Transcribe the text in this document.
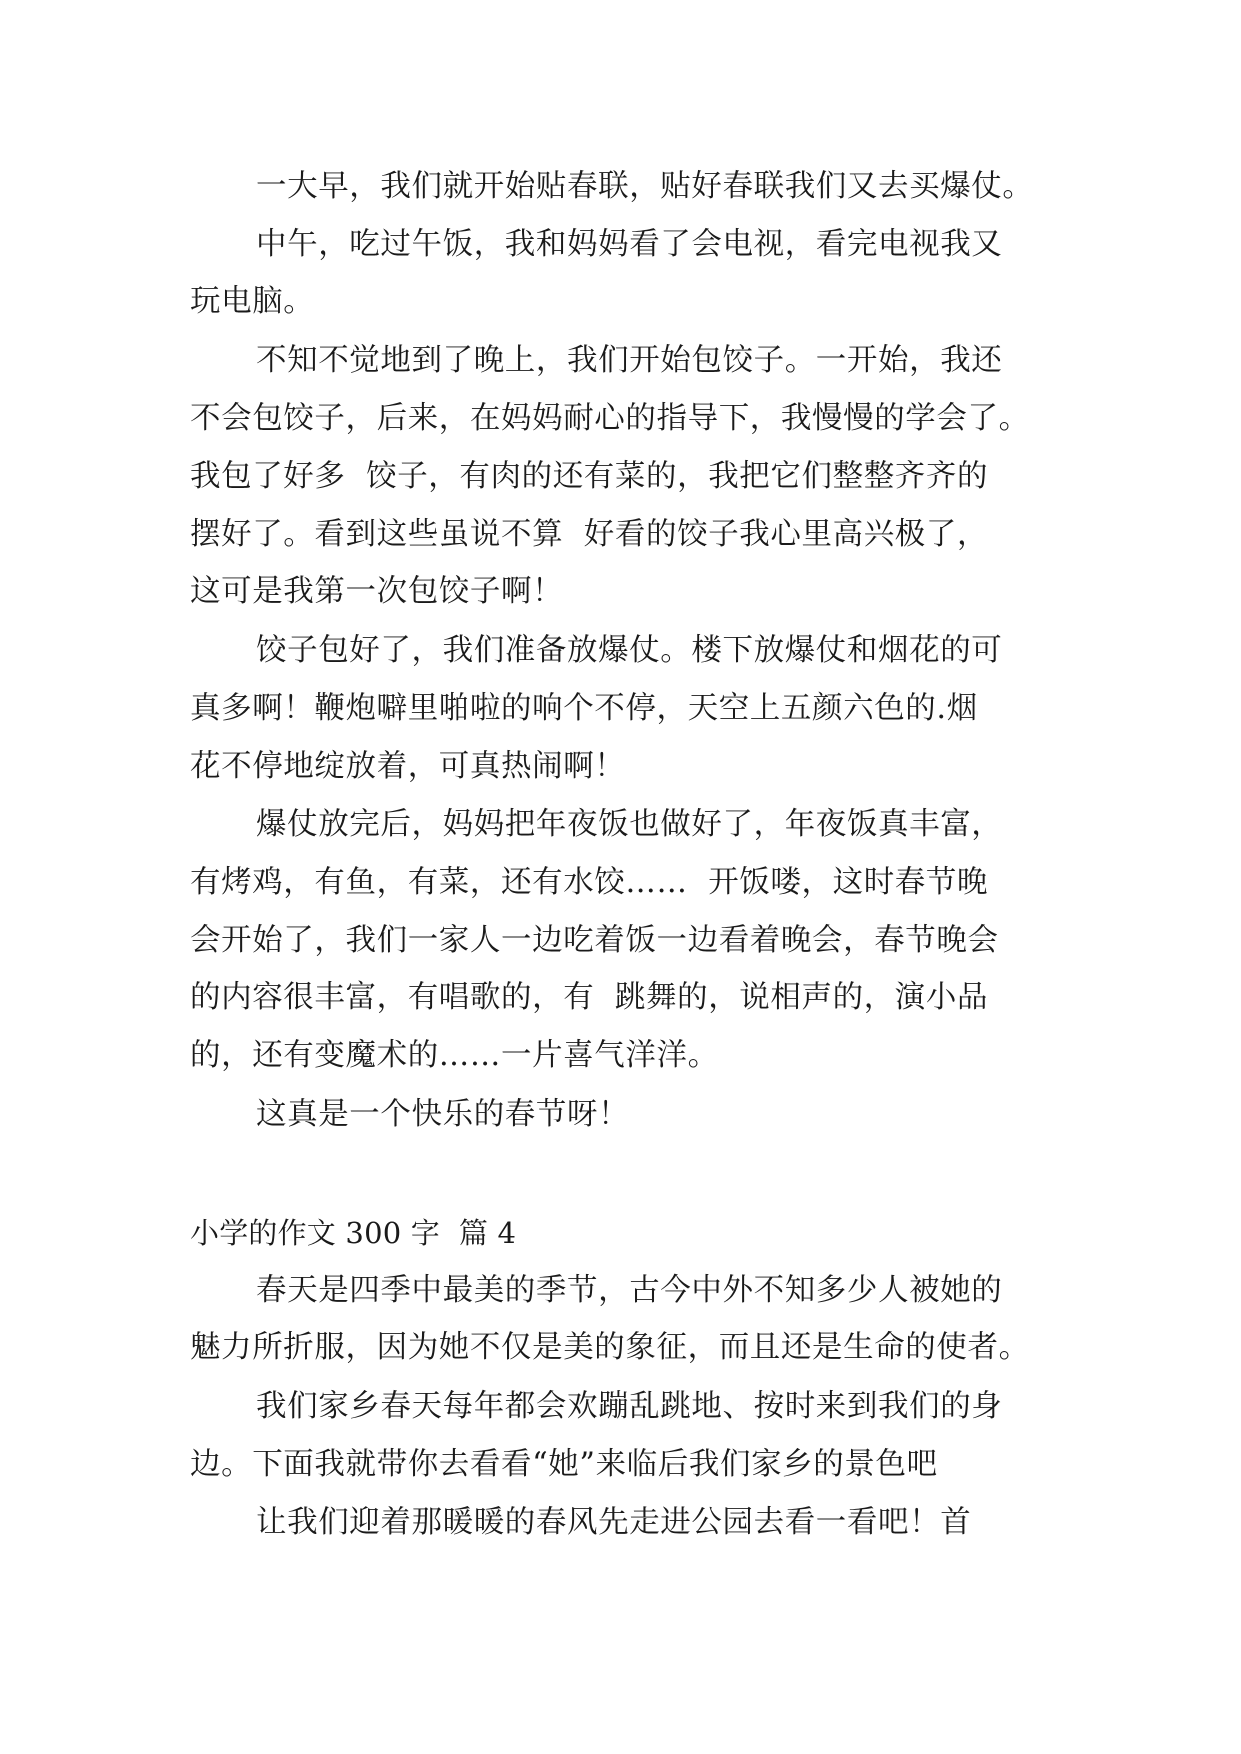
一大早，我们就开始贴春联，贴好春联我们又去买爆仗。
中午，吃过午饭，我和妈妈看了会电视，看完电视我又
玩电脑。
不知不觉地到了晚上，我们开始包饺子。一开始，我还
不会包饺子，后来，在妈妈耐心的指导下，我慢慢的学会了。
我包了好多  饺子，有肉的还有菜的，我把它们整整齐齐的
摆好了。看到这些虽说不算  好看的饺子我心里高兴极了，
这可是我第一次包饺子啊！
饺子包好了，我们准备放爆仗。楼下放爆仗和烟花的可
真多啊！鞭炮噼里啪啦的响个不停，天空上五颜六色的.烟
花不停地绽放着，可真热闹啊！
爆仗放完后，妈妈把年夜饭也做好了，年夜饭真丰富，
有烤鸡，有鱼，有菜，还有水饺……  开饭喽，这时春节晚
会开始了，我们一家人一边吃着饭一边看着晚会，春节晚会
的内容很丰富，有唱歌的，有  跳舞的，说相声的，演小品
的，还有变魔术的……一片喜气洋洋。
这真是一个快乐的春节呀！
小学的作文 300 字  篇 4
春天是四季中最美的季节，古今中外不知多少人被她的
魅力所折服，因为她不仅是美的象征，而且还是生命的使者。
我们家乡春天每年都会欢蹦乱跳地、按时来到我们的身
边。下面我就带你去看看“她”来临后我们家乡的景色吧
让我们迎着那暖暖的春风先走进公园去看一看吧！首
